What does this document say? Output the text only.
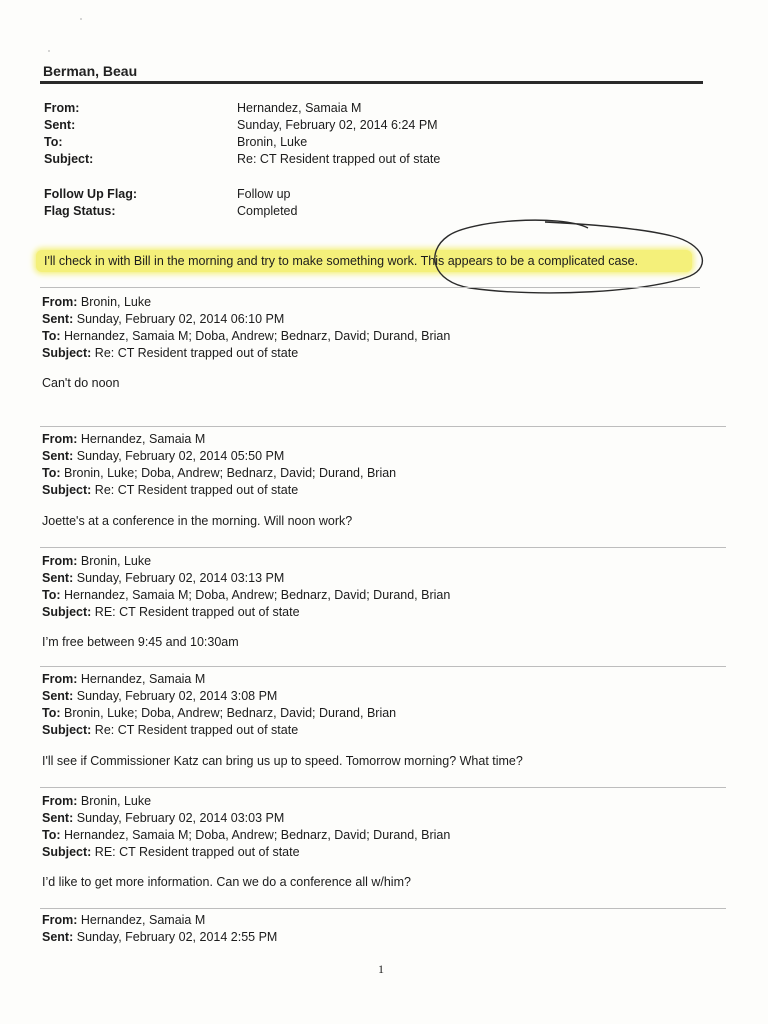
Berman, Beau
From:	Hernandez, Samaia M
Sent:	Sunday, February 02, 2014 6:24 PM
To:	Bronin, Luke
Subject:	Re: CT Resident trapped out of state
Follow Up Flag:	Follow up
Flag Status:	Completed
I'll check in with Bill in the morning and try to make something work. This appears to be a complicated case.
From: Bronin, Luke
Sent: Sunday, February 02, 2014 06:10 PM
To: Hernandez, Samaia M; Doba, Andrew; Bednarz, David; Durand, Brian
Subject: Re: CT Resident trapped out of state
Can't do noon
From: Hernandez, Samaia M
Sent: Sunday, February 02, 2014 05:50 PM
To: Bronin, Luke; Doba, Andrew; Bednarz, David; Durand, Brian
Subject: Re: CT Resident trapped out of state
Joette's at a conference in the morning. Will noon work?
From: Bronin, Luke
Sent: Sunday, February 02, 2014 03:13 PM
To: Hernandez, Samaia M; Doba, Andrew; Bednarz, David; Durand, Brian
Subject: RE: CT Resident trapped out of state
I’m free between 9:45 and 10:30am
From: Hernandez, Samaia M
Sent: Sunday, February 02, 2014 3:08 PM
To: Bronin, Luke; Doba, Andrew; Bednarz, David; Durand, Brian
Subject: Re: CT Resident trapped out of state
I'll see if Commissioner Katz can bring us up to speed. Tomorrow morning? What time?
From: Bronin, Luke
Sent: Sunday, February 02, 2014 03:03 PM
To: Hernandez, Samaia M; Doba, Andrew; Bednarz, David; Durand, Brian
Subject: RE: CT Resident trapped out of state
I’d like to get more information. Can we do a conference all w/him?
From: Hernandez, Samaia M
Sent: Sunday, February 02, 2014 2:55 PM
1
